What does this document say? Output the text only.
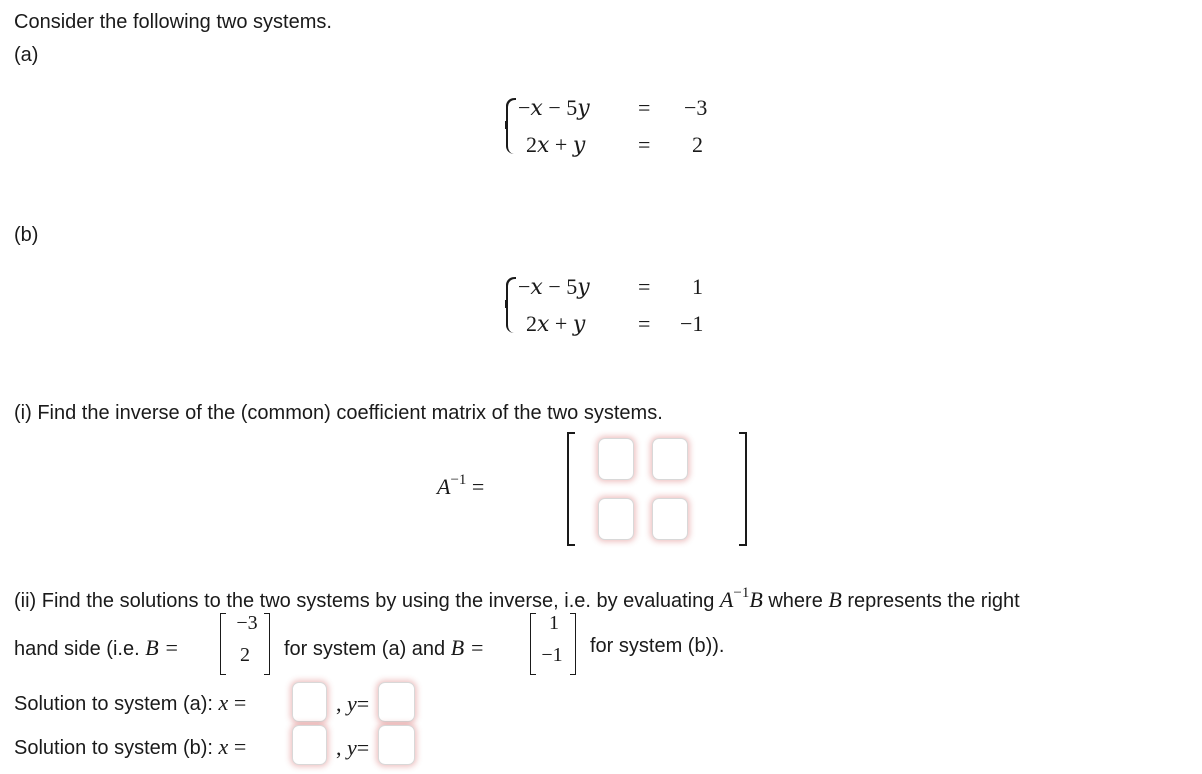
Consider the following two systems.
(a)
−𝑥 − 5𝑦 = −3
2𝑥 + 𝑦 = 2
(b)
−𝑥 − 5𝑦 = 1
2𝑥 + 𝑦 = −1
(i) Find the inverse of the (common) coefficient matrix of the two systems.
$A^{-1}$ =
(ii) Find the solutions to the two systems by using the inverse, i.e. by evaluating $A^{-1}B$ where B represents the right
hand side (i.e. B =
−3
2	for system (a) and B =
1
−1	for system (b)).
Solution to system (a): x =	, y=
Solution to system (b): x =	, y=
